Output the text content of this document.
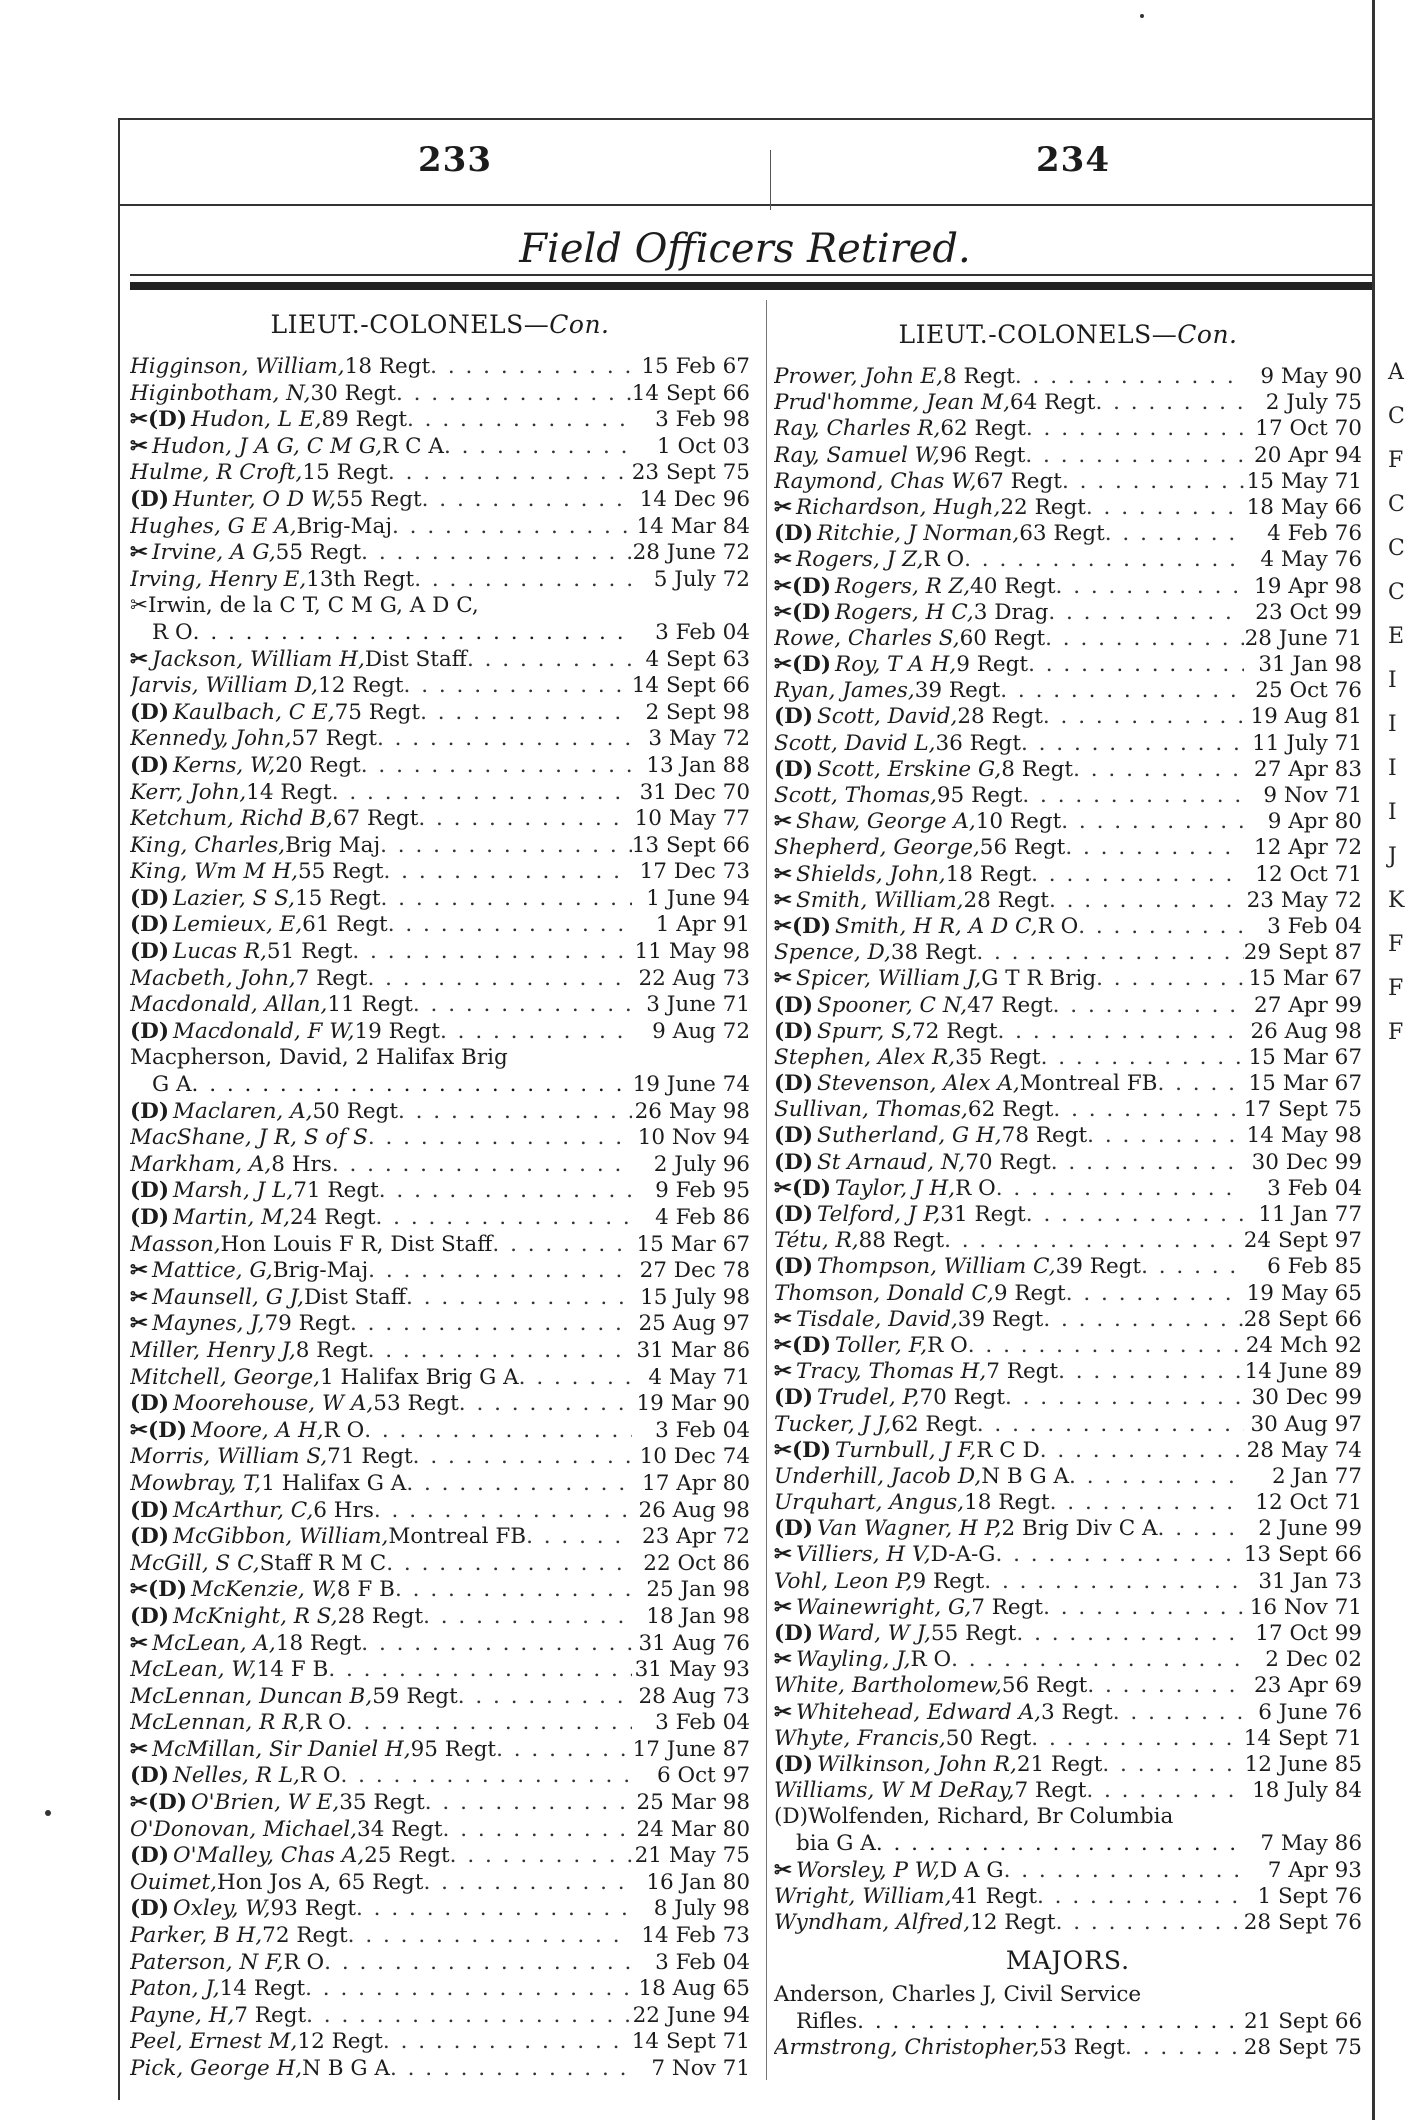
233	234
Field Officers Retired.
LIEUT.-COLONELS—Con.
Higginson, William, 18 Regt . . .	15 Feb 67
Higinbotham, N, 30 Regt . . .	14 Sept 66
✂(D) Hudon, L E, 89 Regt . . .	3 Feb 98
✂ Hudon, J A G, C M G, R C A . . .	1 Oct 03
Hulme, R Croft, 15 Regt . . .	23 Sept 75
(D) Hunter, O D W, 55 Regt . . .	14 Dec 96
Hughes, G E A, Brig-Maj . . .	14 Mar 84
✂ Irvine, A G, 55 Regt . . .	28 June 72
Irving, Henry E, 13th Regt . . .	5 July 72
✂Irwin, de la C T, C M G, A D C,
R O . . .	3 Feb 04
✂ Jackson, William H, Dist Staff . . .	4 Sept 63
Jarvis, William D, 12 Regt . . .	14 Sept 66
(D) Kaulbach, C E, 75 Regt . . .	2 Sept 98
Kennedy, John, 57 Regt . . .	3 May 72
(D) Kerns, W, 20 Regt . . .	13 Jan 88
Kerr, John, 14 Regt . . .	31 Dec 70
Ketchum, Richd B, 67 Regt . . .	10 May 77
King, Charles, Brig Maj . . .	13 Sept 66
King, Wm M H, 55 Regt . . .	17 Dec 73
(D) Lazier, S S, 15 Regt . . .	1 June 94
(D) Lemieux, E, 61 Regt . . .	1 Apr 91
(D) Lucas R, 51 Regt . . .	11 May 98
Macbeth, John, 7 Regt . . .	22 Aug 73
Macdonald, Allan, 11 Regt . . .	3 June 71
(D) Macdonald, F W, 19 Regt . . .	9 Aug 72
Macpherson, David, 2 Halifax Brig
G A . . .	19 June 74
(D) Maclaren, A, 50 Regt . . .	26 May 98
MacShane, J R, S of S . . .	10 Nov 94
Markham, A, 8 Hrs . . .	2 July 96
(D) Marsh, J L, 71 Regt . . .	9 Feb 95
(D) Martin, M, 24 Regt . . .	4 Feb 86
Masson, Hon Louis F R, Dist Staff . . .	15 Mar 67
✂ Mattice, G, Brig-Maj . . .	27 Dec 78
✂ Maunsell, G J, Dist Staff . . .	15 July 98
✂ Maynes, J, 79 Regt . . .	25 Aug 97
Miller, Henry J, 8 Regt . . .	31 Mar 86
Mitchell, George, 1 Halifax Brig G A . . .	4 May 71
(D) Moorehouse, W A, 53 Regt . . .	19 Mar 90
✂(D) Moore, A H, R O . . .	3 Feb 04
Morris, William S, 71 Regt . . .	10 Dec 74
Mowbray, T, 1 Halifax G A . . .	17 Apr 80
(D) McArthur, C, 6 Hrs . . .	26 Aug 98
(D) McGibbon, William, Montreal FB . . .	23 Apr 72
McGill, S C, Staff R M C . . .	22 Oct 86
✂(D) McKenzie, W, 8 F B . . .	25 Jan 98
(D) McKnight, R S, 28 Regt . . .	18 Jan 98
✂ McLean, A, 18 Regt . . .	31 Aug 76
McLean, W, 14 F B . . .	31 May 93
McLennan, Duncan B, 59 Regt . . .	28 Aug 73
McLennan, R R, R O . . .	3 Feb 04
✂ McMillan, Sir Daniel H, 95 Regt . . .	17 June 87
(D) Nelles, R L, R O . . .	6 Oct 97
✂(D) O'Brien, W E, 35 Regt . . .	25 Mar 98
O'Donovan, Michael, 34 Regt . . .	24 Mar 80
(D) O'Malley, Chas A, 25 Regt . . .	21 May 75
Ouimet, Hon Jos A, 65 Regt . . .	16 Jan 80
(D) Oxley, W, 93 Regt . . .	8 July 98
Parker, B H, 72 Regt . . .	14 Feb 73
Paterson, N F, R O . . .	3 Feb 04
Paton, J, 14 Regt . . .	18 Aug 65
Payne, H, 7 Regt . . .	22 June 94
Peel, Ernest M, 12 Regt . . .	14 Sept 71
Pick, George H, N B G A . . .	7 Nov 71
LIEUT.-COLONELS—Con.
Prower, John E, 8 Regt . . .	9 May 90
Prud'homme, Jean M, 64 Regt . . .	2 July 75
Ray, Charles R, 62 Regt . . .	17 Oct 70
Ray, Samuel W, 96 Regt . . .	20 Apr 94
Raymond, Chas W, 67 Regt . . .	15 May 71
✂ Richardson, Hugh, 22 Regt . . .	18 May 66
(D) Ritchie, J Norman, 63 Regt . . .	4 Feb 76
✂ Rogers, J Z, R O . . .	4 May 76
✂(D) Rogers, R Z, 40 Regt . . .	19 Apr 98
✂(D) Rogers, H C, 3 Drag . . .	23 Oct 99
Rowe, Charles S, 60 Regt . . .	28 June 71
✂(D) Roy, T A H, 9 Regt . . .	31 Jan 98
Ryan, James, 39 Regt . . .	25 Oct 76
(D) Scott, David, 28 Regt . . .	19 Aug 81
Scott, David L, 36 Regt . . .	11 July 71
(D) Scott, Erskine G, 8 Regt . . .	27 Apr 83
Scott, Thomas, 95 Regt . . .	9 Nov 71
✂ Shaw, George A, 10 Regt . . .	9 Apr 80
Shepherd, George, 56 Regt . . .	12 Apr 72
✂ Shields, John, 18 Regt . . .	12 Oct 71
✂ Smith, William, 28 Regt . . .	23 May 72
✂(D) Smith, H R, A D C, R O . . .	3 Feb 04
Spence, D, 38 Regt . . .	29 Sept 87
✂ Spicer, William J, G T R Brig . . .	15 Mar 67
(D) Spooner, C N, 47 Regt . . .	27 Apr 99
(D) Spurr, S, 72 Regt . . .	26 Aug 98
Stephen, Alex R, 35 Regt . . .	15 Mar 67
(D) Stevenson, Alex A, Montreal FB . . .	15 Mar 67
Sullivan, Thomas, 62 Regt . . .	17 Sept 75
(D) Sutherland, G H, 78 Regt . . .	14 May 98
(D) St Arnaud, N, 70 Regt . . .	30 Dec 99
✂(D) Taylor, J H, R O . . .	3 Feb 04
(D) Telford, J P, 31 Regt . . .	11 Jan 77
Tétu, R, 88 Regt . . .	24 Sept 97
(D) Thompson, William C, 39 Regt . . .	6 Feb 85
Thomson, Donald C, 9 Regt . . .	19 May 65
✂ Tisdale, David, 39 Regt . . .	28 Sept 66
✂(D) Toller, F, R O . . .	24 Mch 92
✂ Tracy, Thomas H, 7 Regt . . .	14 June 89
(D) Trudel, P, 70 Regt . . .	30 Dec 99
Tucker, J J, 62 Regt . . .	30 Aug 97
✂(D) Turnbull, J F, R C D . . .	28 May 74
Underhill, Jacob D, N B G A . . .	2 Jan 77
Urquhart, Angus, 18 Regt . . .	12 Oct 71
(D) Van Wagner, H P, 2 Brig Div C A . . .	2 June 99
✂ Villiers, H V, D-A-G . . .	13 Sept 66
Vohl, Leon P, 9 Regt . . .	31 Jan 73
✂ Wainewright, G, 7 Regt . . .	16 Nov 71
(D) Ward, W J, 55 Regt . . .	17 Oct 99
✂ Wayling, J, R O . . .	2 Dec 02
White, Bartholomew, 56 Regt . . .	23 Apr 69
✂ Whitehead, Edward A, 3 Regt . . .	6 June 76
Whyte, Francis, 50 Regt . . .	14 Sept 71
(D) Wilkinson, John R, 21 Regt . . .	12 June 85
Williams, W M DeRay, 7 Regt . . .	18 July 84
(D)Wolfenden, Richard, Br Columbia
bia G A . . .	7 May 86
✂ Worsley, P W, D A G . . .	7 Apr 93
Wright, William, 41 Regt . . .	1 Sept 76
Wyndham, Alfred, 12 Regt . . .	28 Sept 76
MAJORS.
Anderson, Charles J, Civil Service
Rifles . . .	21 Sept 66
Armstrong, Christopher, 53 Regt . . .	28 Sept 75
A
C
F
C
C
C
E
I
I
I
I
J
K
F
F
F
